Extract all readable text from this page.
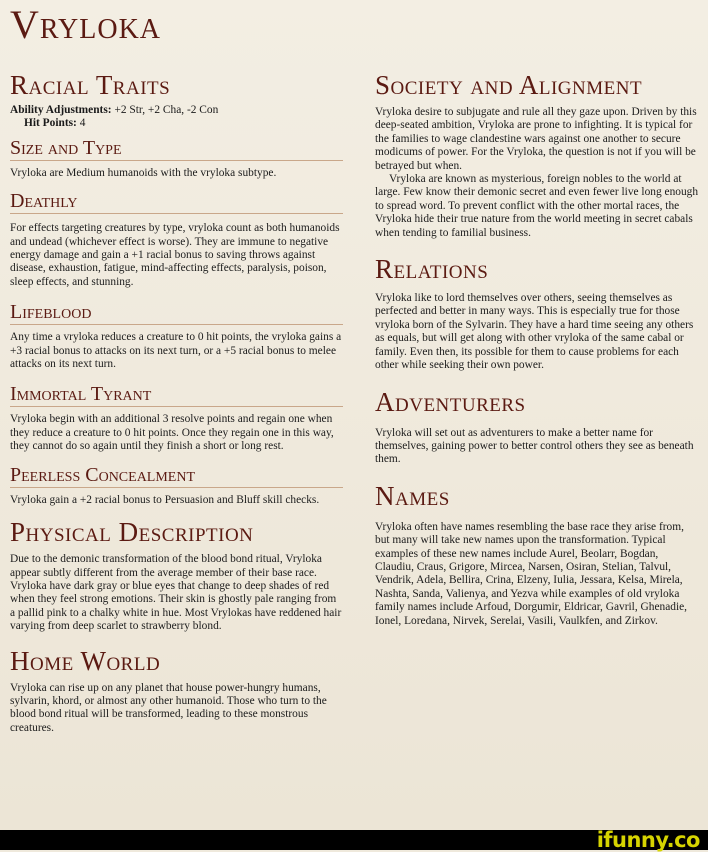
Vryloka
Racial Traits
Ability Adjustments: +2 Str, +2 Cha, -2 Con
Hit Points: 4
Size and Type

Vryloka are Medium humanoids with the vryloka subtype.

Deathly

For effects targeting creatures by type, vryloka count as both humanoids and undead (whichever effect is worse). They are immune to negative energy damage and gain a +1 racial bonus to saving throws against disease, exhaustion, fatigue, mind-affecting effects, paralysis, poison, sleep effects, and stunning.

Lifeblood

Any time a vryloka reduces a creature to 0 hit points, the vryloka gains a +3 racial bonus to attacks on its next turn, or a +5 racial bonus to melee attacks on its next turn.

Immortal Tyrant

Vryloka begin with an additional 3 resolve points and regain one when they reduce a creature to 0 hit points. Once they regain one in this way, they cannot do so again until they finish a short or long rest.

Peerless Concealment

Vryloka gain a +2 racial bonus to Persuasion and Bluff skill checks.

Physical Description

Due to the demonic transformation of the blood bond ritual, Vryloka appear subtly different from the average member of their base race. Vryloka have dark gray or blue eyes that change to deep shades of red when they feel strong emotions. Their skin is ghostly pale ranging from a pallid pink to a chalky white in hue. Most Vrylokas have reddened hair varying from deep scarlet to strawberry blond.

Home World

Vryloka can rise up on any planet that house power-hungry humans, sylvarin, khord, or almost any other humanoid. Those who turn to the blood bond ritual will be transformed, leading to these monstrous creatures.

Society and Alignment

Vryloka desire to subjugate and rule all they gaze upon. Driven by this deep-seated ambition, Vryloka are prone to infighting. It is typical for the families to wage clandestine wars against one another to secure modicums of power. For the Vryloka, the question is not if you will be betrayed but when.

Vryloka are known as mysterious, foreign nobles to the world at large. Few know their demonic secret and even fewer live long enough to spread word. To prevent conflict with the other mortal races, the Vryloka hide their true nature from the world meeting in secret cabals when tending to familial business.

Relations

Vryloka like to lord themselves over others, seeing themselves as perfected and better in many ways. This is especially true for those vryloka born of the Sylvarin. They have a hard time seeing any others as equals, but will get along with other vryloka of the same cabal or family. Even then, its possible for them to cause problems for each other while seeking their own power.

Adventurers

Vryloka will set out as adventurers to make a better name for themselves, gaining power to better control others they see as beneath them.

Names

Vryloka often have names resembling the base race they arise from, but many will take new names upon the transformation. Typical examples of these new names include Aurel, Beolarr, Bogdan, Claudiu, Craus, Grigore, Mircea, Narsen, Osiran, Stelian, Talvul, Vendrik, Adela, Bellira, Crina, Elzeny, Iulia, Jessara, Kelsa, Mirela, Nashta, Sanda, Valienya, and Yezva while examples of old vryloka family names include Arfoud, Dorgumir, Eldricar, Gavril, Ghenadie, Ionel, Loredana, Nirvek, Serelai, Vasili, Vaulkfen, and Zirkov.

ifunny.co
